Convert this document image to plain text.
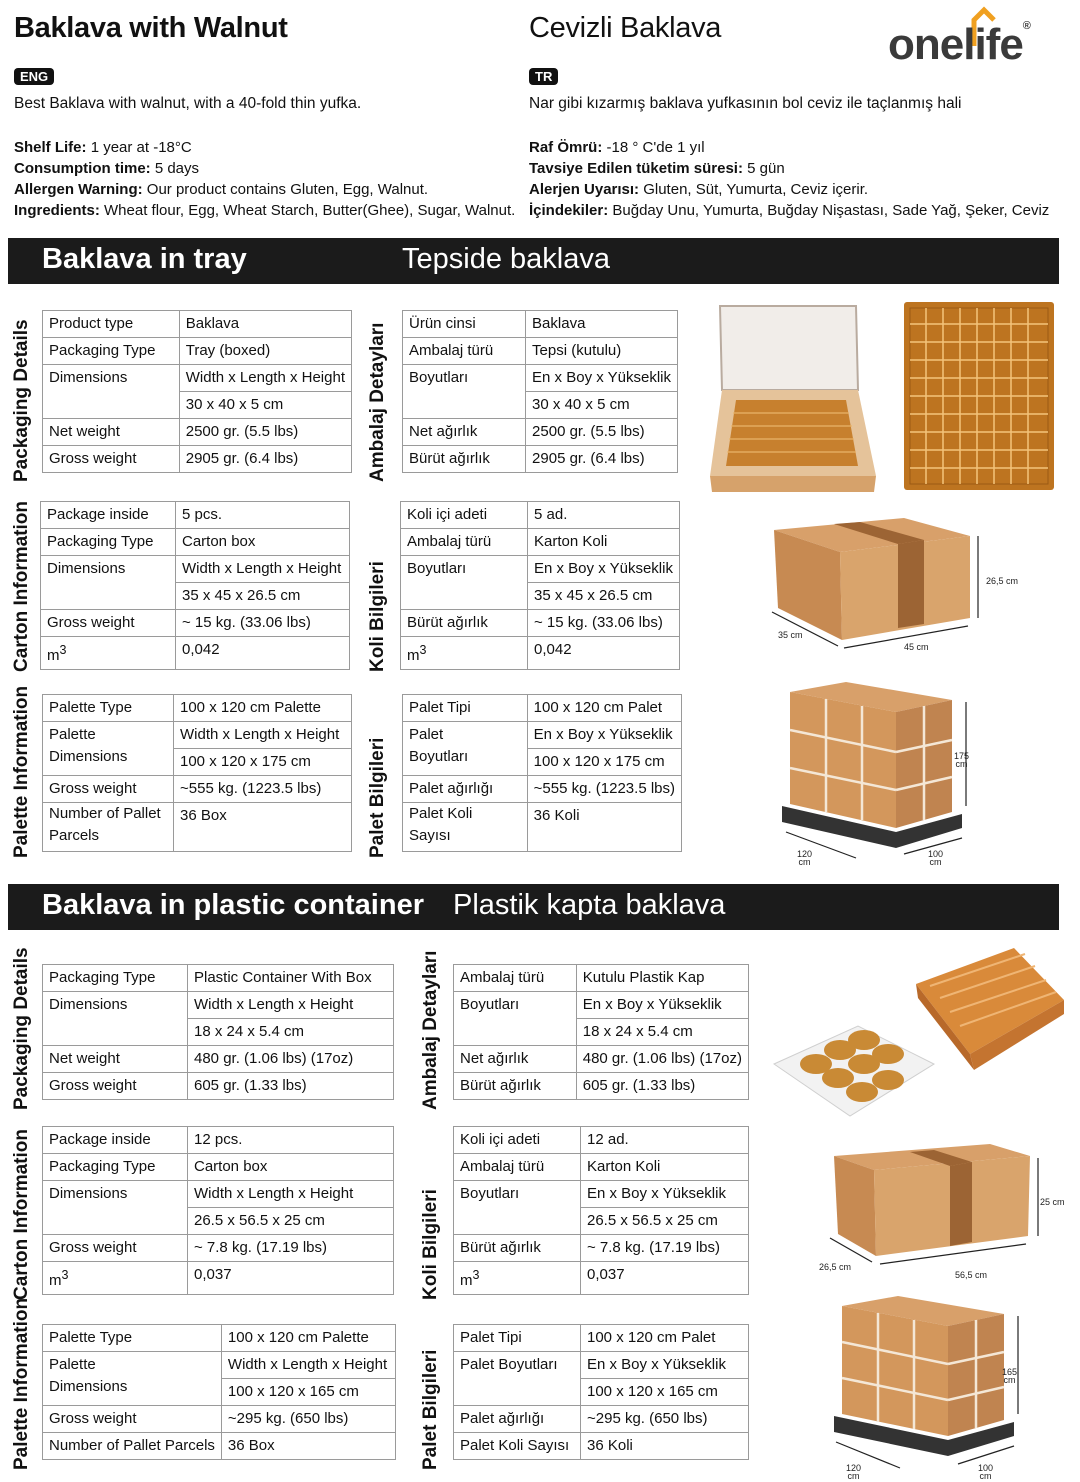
Baklava with Walnut	Cevizli Baklava	onelife®
ENG	TR
Best Baklava with walnut, with a 40-fold thin yufka.	Nar gibi kızarmış baklava yufkasının bol ceviz ile taçlanmış hali
Shelf Life: 1 year at -18°C
Consumption time: 5 days
Allergen Warning: Our product contains Gluten, Egg, Walnut.
Ingredients: Wheat flour, Egg, Wheat Starch, Butter(Ghee), Sugar, Walnut.
Raf Ömrü: -18 ° C'de 1 yıl
Tavsiye Edilen tüketim süresi: 5 gün
Alerjen Uyarısı: Gluten, Süt, Yumurta, Ceviz içerir.
İçindekiler: Buğday Unu, Yumurta, Buğday Nişastası, Sade Yağ, Şeker, Ceviz
Baklava in tray	Tepside baklava
Packaging Details	Ambalaj Detayları
Carton Information	Koli Bilgileri
Palette Information	Palet Bilgileri
Product type	Baklava
Packaging Type	Tray (boxed)
Dimensions	Width x Length x Height
	30 x 40 x 5 cm
Net weight	2500 gr. (5.5 lbs)
Gross weight	2905 gr. (6.4 lbs)
Ürün cinsi	Baklava
Ambalaj türü	Tepsi (kutulu)
Boyutları	En x Boy x Yükseklik
	30 x 40 x 5 cm
Net ağırlık	2500 gr. (5.5 lbs)
Bürüt ağırlık	2905 gr. (6.4 lbs)
Package inside	5 pcs.
Packaging Type	Carton box
Dimensions	Width x Length x Height
	35 x 45 x 26.5 cm
Gross weight	~ 15 kg. (33.06 lbs)
$m^3$	0,042
Koli içi adeti	5 ad.
Ambalaj türü	Karton Koli
Boyutları	En x Boy x Yükseklik
	35 x 45 x 26.5 cm
Bürüt ağırlık	~ 15 kg. (33.06 lbs)
$m^3$	0,042
Palette Type	100 x 120 cm Palette
Palette	Width x Length x Height
Dimensions	100 x 120 x 175 cm
Gross weight	~555 kg. (1223.5 lbs)
Number of Pallet
Parcels	36 Box
Palet Tipi	100 x 120 cm Palet
Palet	En x Boy x Yükseklik
Boyutları	100 x 120 x 175 cm
Palet ağırlığı	~555 kg. (1223.5 lbs)
Palet Koli
Sayısı	36 Koli
26,5 cm
35 cm
45 cm
175
cm
120
cm
100
cm
Baklava in plastic container Plastik kapta baklava
Packaging Details	Ambalaj Detayları
Carton Information	Koli Bilgileri
Palette Information	Palet Bilgileri
Packaging Type	Plastic Container With Box
Dimensions	Width x Length x Height
	18 x 24 x 5.4 cm
Net weight	480 gr. (1.06 lbs) (17oz)
Gross weight	605 gr. (1.33 lbs)
Ambalaj türü	Kutulu Plastik Kap
Boyutları	En x Boy x Yükseklik
	18 x 24 x 5.4 cm
Net ağırlık	480 gr. (1.06 lbs) (17oz)
Bürüt ağırlık	605 gr. (1.33 lbs)
Package inside	12 pcs.
Packaging Type	Carton box
Dimensions	Width x Length x Height
	26.5 x 56.5 x 25 cm
Gross weight	~ 7.8 kg. (17.19 lbs)
$m^3$	0,037
Koli içi adeti	12 ad.
Ambalaj türü	Karton Koli
Boyutları	En x Boy x Yükseklik
	26.5 x 56.5 x 25 cm
Bürüt ağırlık	~ 7.8 kg. (17.19 lbs)
$m^3$	0,037
Palette Type	100 x 120 cm Palette
Palette	Width x Length x Height
Dimensions	100 x 120 x 165 cm
Gross weight	~295 kg. (650 lbs)
Number of Pallet Parcels	36 Box
Palet Tipi	100 x 120 cm Palet
Palet Boyutları	En x Boy x Yükseklik
	100 x 120 x 165 cm
Palet ağırlığı	~295 kg. (650 lbs)
Palet Koli Sayısı	36 Koli
25 cm
26,5 cm
56,5 cm
165
cm
120
cm
100
cm
